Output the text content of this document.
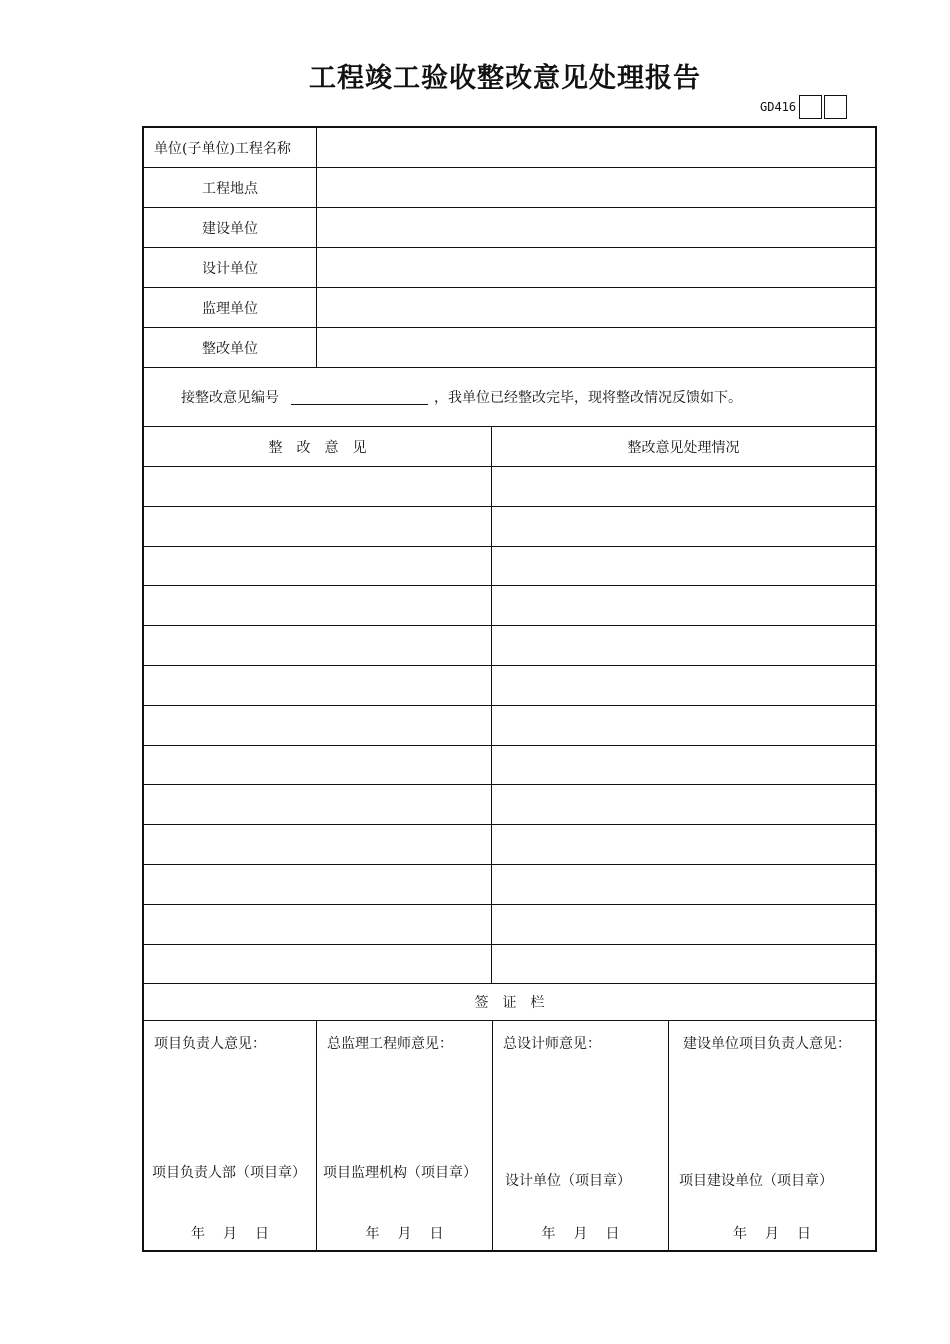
工程竣工验收整改意见处理报告
GD416
单位(子单位)工程名称
工程地点
建设单位
设计单位
监理单位
整改单位
接整改意见编号	，我单位已经整改完毕，现将整改情况反馈如下。
整　改　意　见	整改意见处理情况
签　证　栏
项目负责人意见：
项目负责人部（项目章）
年 月 日
总监理工程师意见：
项目监理机构（项目章）
年 月 日
总设计师意见：
设计单位（项目章）
年 月 日
建设单位项目负责人意见：
项目建设单位（项目章）
年 月 日
